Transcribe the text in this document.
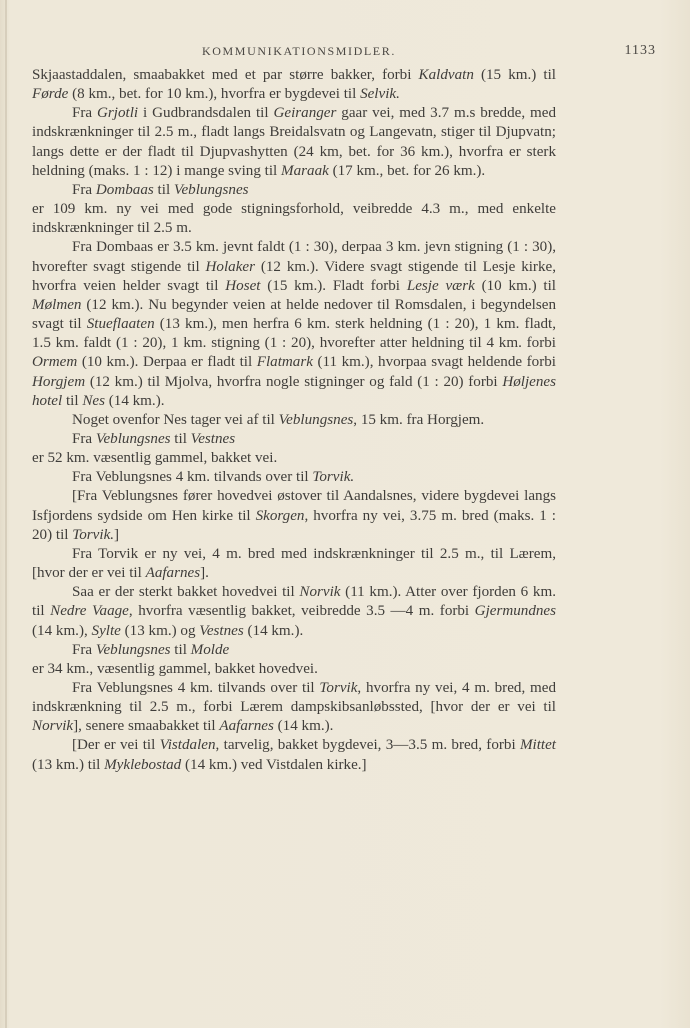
KOMMUNIKATIONSMIDLER.	1133

Skjaastaddalen, smaabakket med et par større bakker, forbi Kaldvatn (15 km.) til Førde (8 km., bet. for 10 km.), hvorfra er bygdevei til Selvik.

Fra Grjotli i Gudbrandsdalen til Geiranger gaar vei, med 3.7 m.s bredde, med indskrænkninger til 2.5 m., fladt langs Breidalsvatn og Langevatn, stiger til Djupvatn; langs dette er der fladt til Djupvashytten (24 km, bet. for 36 km.), hvorfra er sterk heldning (maks. 1 : 12) i mange sving til Maraak (17 km., bet. for 26 km.).

Fra Dombaas til Veblungsnes

er 109 km. ny vei med gode stigningsforhold, veibredde 4.3 m., med enkelte indskrænkninger til 2.5 m.

Fra Dombaas er 3.5 km. jevnt faldt (1 : 30), derpaa 3 km. jevn stigning (1 : 30), hvorefter svagt stigende til Holaker (12 km.). Videre svagt stigende til Lesje kirke, hvorfra veien helder svagt til Hoset (15 km.). Fladt forbi Lesje værk (10 km.) til Mølmen (12 km.). Nu begynder veien at helde nedover til Romsdalen, i begyndelsen svagt til Stueflaaten (13 km.), men herfra 6 km. sterk heldning (1 : 20), 1 km. fladt, 1.5 km. faldt (1 : 20), 1 km. stigning (1 : 20), hvorefter atter heldning til 4 km. forbi Ormem (10 km.). Derpaa er fladt til Flatmark (11 km.), hvorpaa svagt heldende forbi Horgjem (12 km.) til Mjolva, hvorfra nogle stigninger og fald (1 : 20) forbi Høljenes hotel til Nes (14 km.).

Noget ovenfor Nes tager vei af til Veblungsnes, 15 km. fra Horgjem.

Fra Veblungsnes til Vestnes

er 52 km. væsentlig gammel, bakket vei.

Fra Veblungsnes 4 km. tilvands over til Torvik.

[Fra Veblungsnes fører hovedvei østover til Aandalsnes, videre bygdevei langs Isfjordens sydside om Hen kirke til Skorgen, hvorfra ny vei, 3.75 m. bred (maks. 1 : 20) til Torvik.]

Fra Torvik er ny vei, 4 m. bred med indskrænkninger til 2.5 m., til Lærem, [hvor der er vei til Aafarnes].

Saa er der sterkt bakket hovedvei til Norvik (11 km.). Atter over fjorden 6 km. til Nedre Vaage, hvorfra væsentlig bakket, veibredde 3.5 —4 m. forbi Gjermundnes (14 km.), Sylte (13 km.) og Vestnes (14 km.).

Fra Veblungsnes til Molde

er 34 km., væsentlig gammel, bakket hovedvei.

Fra Veblungsnes 4 km. tilvands over til Torvik, hvorfra ny vei, 4 m. bred, med indskrænkning til 2.5 m., forbi Lærem dampskibsanløbssted, [hvor der er vei til Norvik], senere smaabakket til Aafarnes (14 km.).

[Der er vei til Vistdalen, tarvelig, bakket bygdevei, 3—3.5 m. bred, forbi Mittet (13 km.) til Myklebostad (14 km.) ved Vistdalen kirke.]
